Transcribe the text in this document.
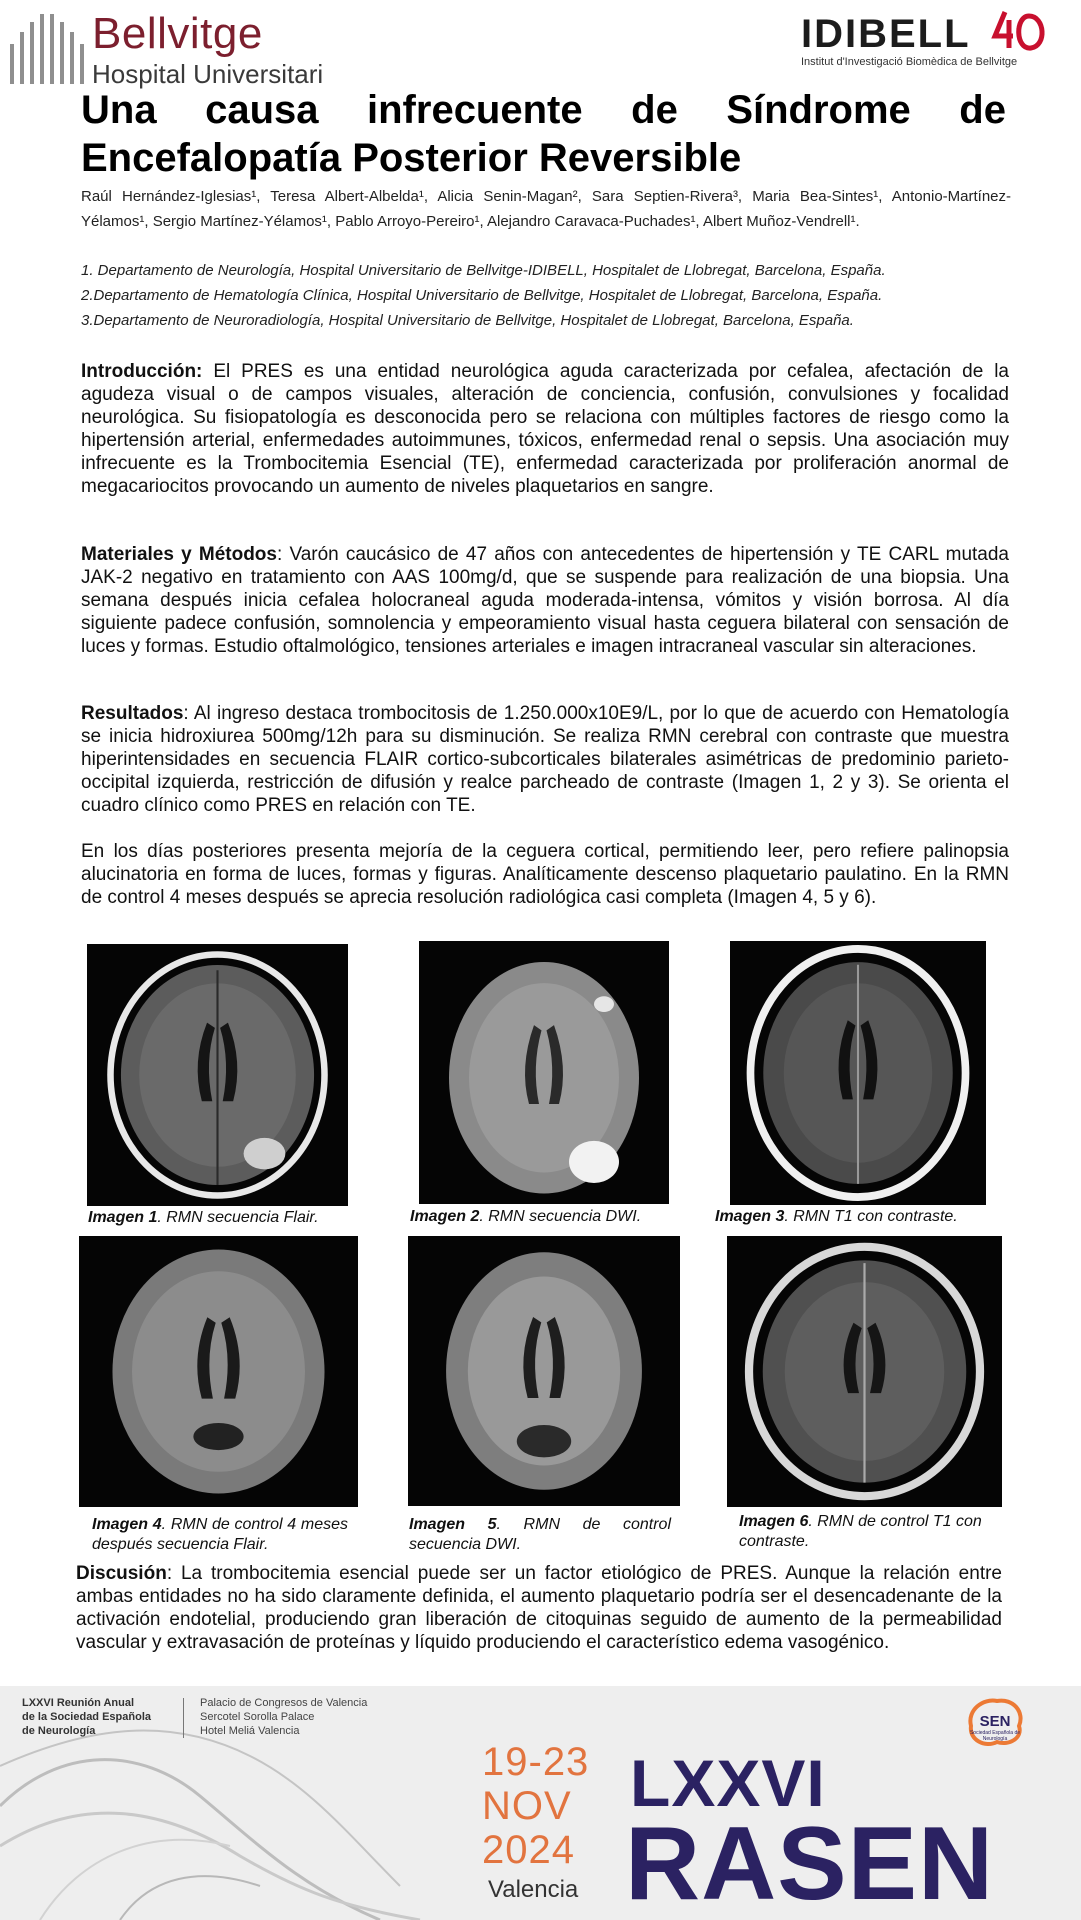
Bellvitge
Hospital Universitari
IDIBELL
Institut d'Investigació Biomèdica de Bellvitge
Una causa infrecuente de Síndrome de Encefalopatía Posterior Reversible

Raúl Hernández-Iglesias¹, Teresa Albert-Albelda¹, Alicia Senin-Magan², Sara Septien-Rivera³, Maria Bea-Sintes¹, Antonio-Martínez-Yélamos¹, Sergio Martínez-Yélamos¹, Pablo Arroyo-Pereiro¹, Alejandro Caravaca-Puchades¹, Albert Muñoz-Vendrell¹.

1. Departamento de Neurología, Hospital Universitario de Bellvitge-IDIBELL, Hospitalet de Llobregat, Barcelona, España.

2.Departamento de Hematología Clínica, Hospital Universitario de Bellvitge, Hospitalet de Llobregat, Barcelona, España.

3.Departamento de Neuroradiología, Hospital Universitario de Bellvitge, Hospitalet de Llobregat, Barcelona, España.

Introducción: El PRES es una entidad neurológica aguda caracterizada por cefalea, afectación de la agudeza visual o de campos visuales, alteración de conciencia, confusión, convulsiones y focalidad neurológica. Su fisiopatología es desconocida pero se relaciona con múltiples factores de riesgo como la hipertensión arterial, enfermedades autoimmunes, tóxicos, enfermedad renal o sepsis. Una asociación muy infrecuente es la Trombocitemia Esencial (TE), enfermedad caracterizada por proliferación anormal de megacariocitos provocando un aumento de niveles plaquetarios en sangre.

Materiales y Métodos: Varón caucásico de 47 años con antecedentes de hipertensión y TE CARL mutada JAK-2 negativo en tratamiento con AAS 100mg/d, que se suspende para realización de una biopsia. Una semana después inicia cefalea holocraneal aguda moderada-intensa, vómitos y visión borrosa. Al día siguiente padece confusión, somnolencia y empeoramiento visual hasta ceguera bilateral con sensación de luces y formas. Estudio oftalmológico, tensiones arteriales e imagen intracraneal vascular sin alteraciones.

Resultados: Al ingreso destaca trombocitosis de 1.250.000x10E9/L, por lo que de acuerdo con Hematología se inicia hidroxiurea 500mg/12h para su disminución. Se realiza RMN cerebral con contraste que muestra hiperintensidades en secuencia FLAIR cortico-subcorticales bilaterales asimétricas de predominio parieto-occipital izquierda, restricción de difusión y realce parcheado de contraste (Imagen 1, 2 y 3). Se orienta el cuadro clínico como PRES en relación con TE.

En los días posteriores presenta mejoría de la ceguera cortical, permitiendo leer, pero refiere palinopsia alucinatoria en forma de luces, formas y figuras. Analíticamente descenso plaquetario paulatino. En la RMN de control 4 meses después se aprecia resolución radiológica casi completa (Imagen 4, 5 y 6).

Imagen 1. RMN secuencia Flair.	Imagen 2. RMN secuencia DWI.	Imagen 3. RMN T1 con contraste.

Imagen 4. RMN de control 4 meses después secuencia Flair.

Imagen 5. RMN de control secuencia DWI.

Imagen 6. RMN de control T1 con contraste.

Discusión: La trombocitemia esencial puede ser un factor etiológico de PRES. Aunque la relación entre ambas entidades no ha sido claramente definida, el aumento plaquetario podría ser el desencadenante de la activación endotelial, produciendo gran liberación de citoquinas seguido de aumento de la permeabilidad vascular y extravasación de proteínas y líquido produciendo el característico edema vasogénico.

LXXVI Reunión Anual
de la Sociedad Española
de Neurología
Palacio de Congresos de Valencia
Sercotel Sorolla Palace
Hotel Meliá Valencia
19-23
NOV
2024
Valencia
LXXVI
RASEN
SEN
Sociedad Española de Neurología
